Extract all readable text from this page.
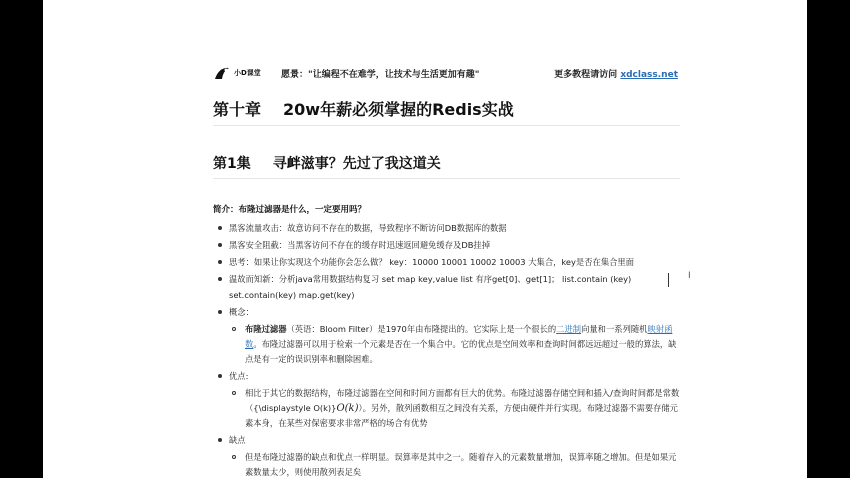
小D课堂 愿景："让编程不在难学，让技术与生活更加有趣"	更多教程请访问 xdclass.net
第十章 20w年薪必须掌握的Redis实战
第1集 寻衅滋事？先过了我这道关
简介：布隆过滤器是什么，一定要用吗？
黑客流量攻击：故意访问不存在的数据，导致程序不断访问DB数据库的数据
黑客安全阻截：当黑客访问不存在的缓存时迅速返回避免缓存及DB挂掉
思考：如果让你实现这个功能你会怎么做？ key：10000 10001 10002 10003 大集合，key是否在集合里面
温故而知新：分析java常用数据结构复习 set map key,value list 有序get[0]、get[1]； list.contain (key) set.contain(key) map.get(key)
概念：
布隆过滤器（英语：Bloom Filter）是1970年由布隆提出的。它实际上是一个很长的二进制向量和一系列随机映射函数。布隆过滤器可以用于检索一个元素是否在一个集合中。它的优点是空间效率和查询时间都远远超过一般的算法，缺点是有一定的误识别率和删除困难。
优点:
相比于其它的数据结构，布隆过滤器在空间和时间方面都有巨大的优势。布隆过滤器存储空间和插入/查询时间都是常数（{\displaystyle O(k)}O(k)）。另外，散列函数相互之间没有关系，方便由硬件并行实现。布隆过滤器不需要存储元素本身，在某些对保密要求非常严格的场合有优势
缺点
但是布隆过滤器的缺点和优点一样明显。误算率是其中之一。随着存入的元素数量增加，误算率随之增加。但是如果元素数量太少，则使用散列表足矣
I
